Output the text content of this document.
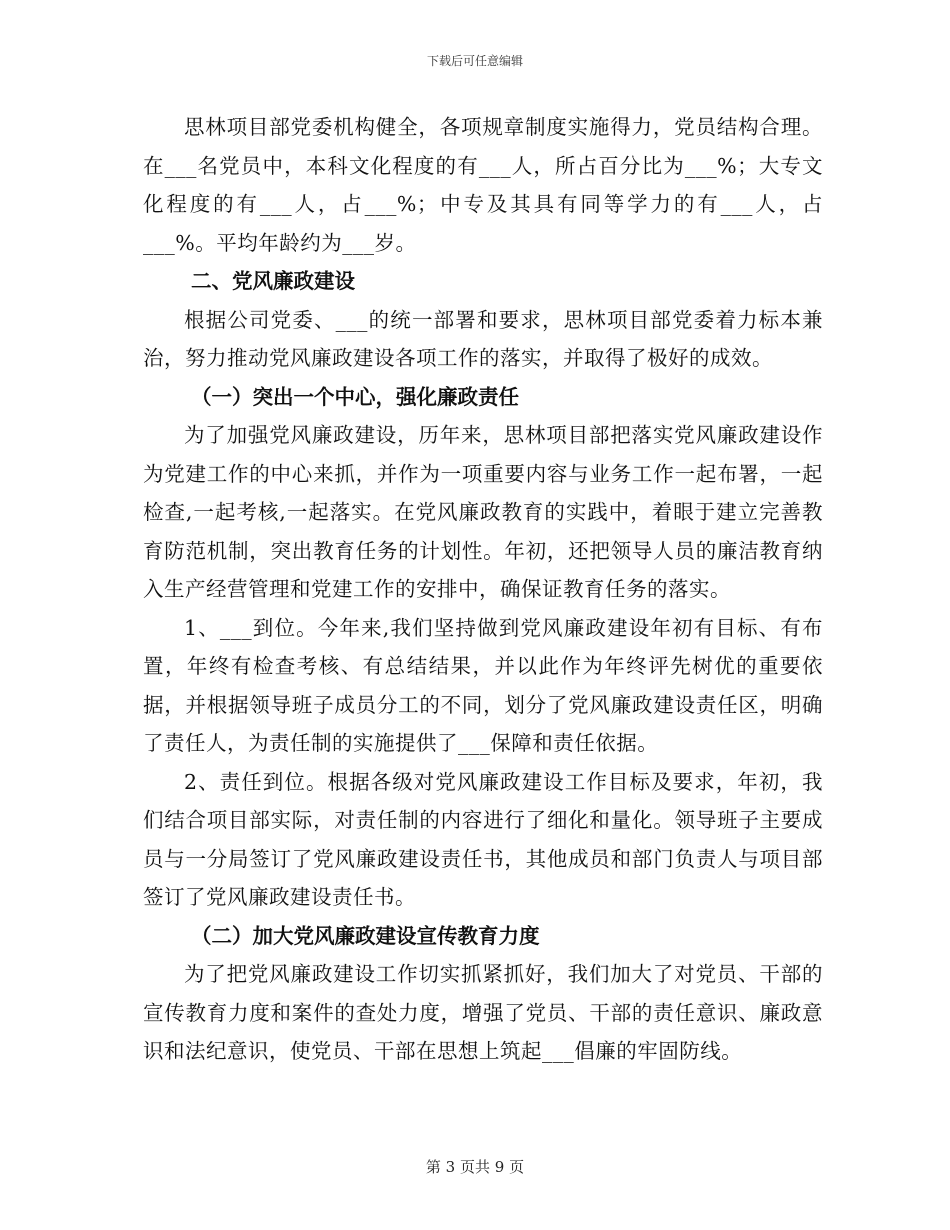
下载后可任意编辑

思林项目部党委机构健全，各项规章制度实施得力，党员结构合理。在___名党员中，本科文化程度的有___人，所占百分比为___%；大专文化程度的有___人，占___%；中专及其具有同等学力的有___人，占___%。平均年龄约为___岁。

二、党风廉政建设

根据公司党委、___的统一部署和要求，思林项目部党委着力标本兼治，努力推动党风廉政建设各项工作的落实，并取得了极好的成效。

（一）突出一个中心，强化廉政责任

为了加强党风廉政建设，历年来，思林项目部把落实党风廉政建设作为党建工作的中心来抓，并作为一项重要内容与业务工作一起布署，一起检查,一起考核,一起落实。在党风廉政教育的实践中，着眼于建立完善教育防范机制，突出教育任务的计划性。年初，还把领导人员的廉洁教育纳入生产经营管理和党建工作的安排中，确保证教育任务的落实。

1、___到位。今年来,我们坚持做到党风廉政建设年初有目标、有布置，年终有检查考核、有总结结果，并以此作为年终评先树优的重要依据，并根据领导班子成员分工的不同，划分了党风廉政建设责任区，明确了责任人，为责任制的实施提供了___保障和责任依据。

2、责任到位。根据各级对党风廉政建设工作目标及要求，年初，我们结合项目部实际，对责任制的内容进行了细化和量化。领导班子主要成员与一分局签订了党风廉政建设责任书，其他成员和部门负责人与项目部签订了党风廉政建设责任书。

（二）加大党风廉政建设宣传教育力度

为了把党风廉政建设工作切实抓紧抓好，我们加大了对党员、干部的宣传教育力度和案件的查处力度，增强了党员、干部的责任意识、廉政意识和法纪意识，使党员、干部在思想上筑起___倡廉的牢固防线。

第 3 页共 9 页
